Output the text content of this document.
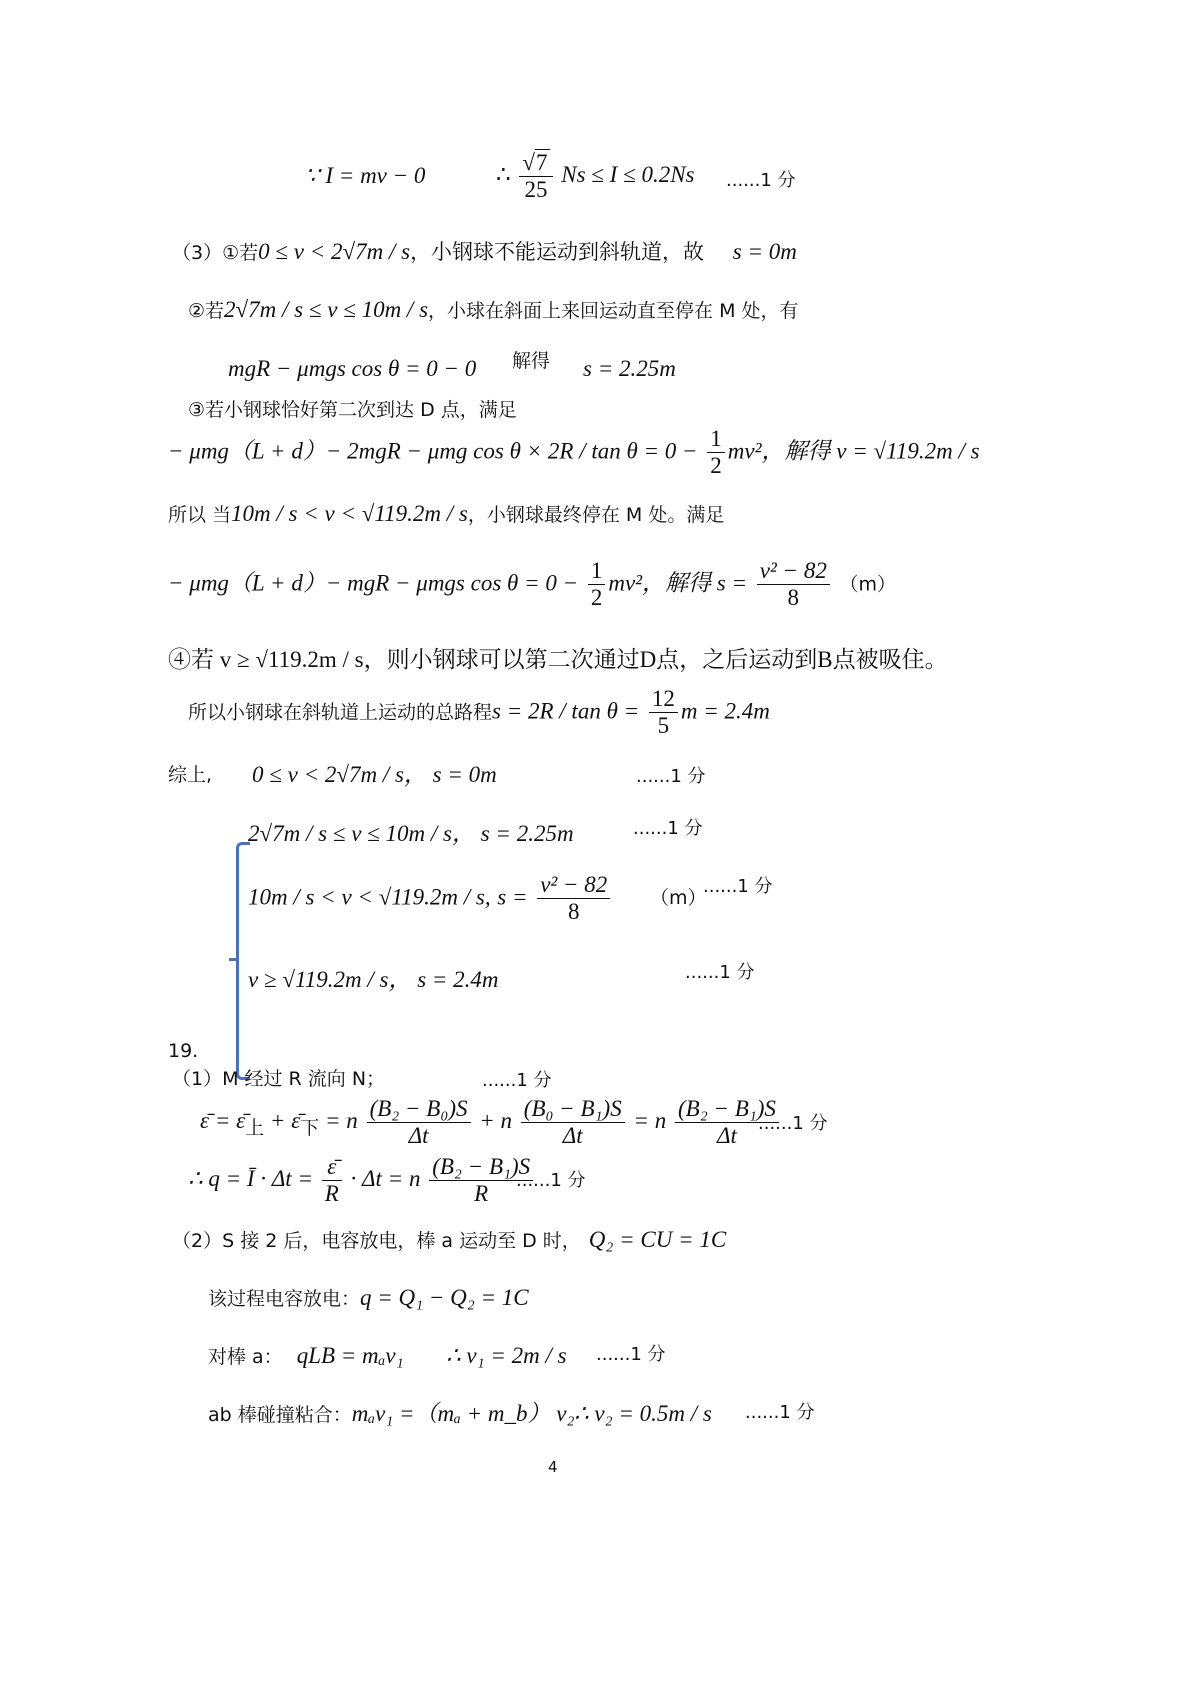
∵ I = mv − 0	∴ $\frac{√7}{25}$ Ns ≤ I ≤ 0.2Ns ......1 分
（3）①若0 ≤ v < 2√7m / s，小钢球不能运动到斜轨道，故 s = 0m
②若2√7m / s ≤ v ≤ 10m / s，小球在斜面上来回运动直至停在 M 处，有
mgR − μmgs cos θ = 0 − 0 解得 s = 2.25m
③若小钢球恰好第二次到达 D 点，满足
− μmg（L + d）− 2mgR − μmg $\cos \theta \times 2R / \tan \theta = 0 - \frac{1}{2} mv^2$，解得 v = √119.2m / s
所以 当10m / s < v < √119.2m / s，小钢球最终停在 M 处。满足
− μmg（L + d）− mgR − μmgs $\cos \theta = 0 - \frac{1}{2} mv^2$，解得 $s = \frac{\text{v² − 82}}{8} (m)$
④若 v ≥ √119.2m / s，则小钢球可以第二次通过D点，之后运动到B点被吸住。
所以小钢球在斜轨道上运动的总路程$s = 2R / \tan \theta = \frac{12}{5}$ m = 2.4m
综上, 0 ≤ v < 2√7m / s， s = 0m	......1 分
2√7m / s ≤ v ≤ 10m / s， s = 2.25m	......1 分
10m / s < v < √119.2m / s, $s = \frac{\text{v² − 82}}{8} (m)$
......1 分
v ≥ √119.2m / s， s = 2.4m	......1 分
19.
（1）M 经过 R 流向 N；	......1 分
ε̄ = $\varepsilon̄_上$ + $\varepsilon̄_下 = n \frac{\text{(B₂ − B₀)S}}{\Delta t} + n \frac{\text{(B₀ − B₁)S}}{\Delta t} = n \frac{\text{(B₂ − B₁)S}}{\Delta t}$
......1 分
∴ q = Ī · $\Delta t = \frac{\varepsilon̄}{R} \cdot \Delta t = n \frac{\text{(B₂ − B₁)S}}{R}$
......1 分
（2）S 接 2 后，电容放电，棒 a 运动至 D 时， Q₂ = CU = 1C
该过程电容放电：q = Q₁ − Q₂ = 1C
对棒 a： qLB = mₐv₁ ∴ v₁ = 2m / s ......1 分
ab 棒碰撞粘合：mₐv₁ =（mₐ + m_b） v₂ ∴ v₂ = 0.5m / s ......1 分
4
